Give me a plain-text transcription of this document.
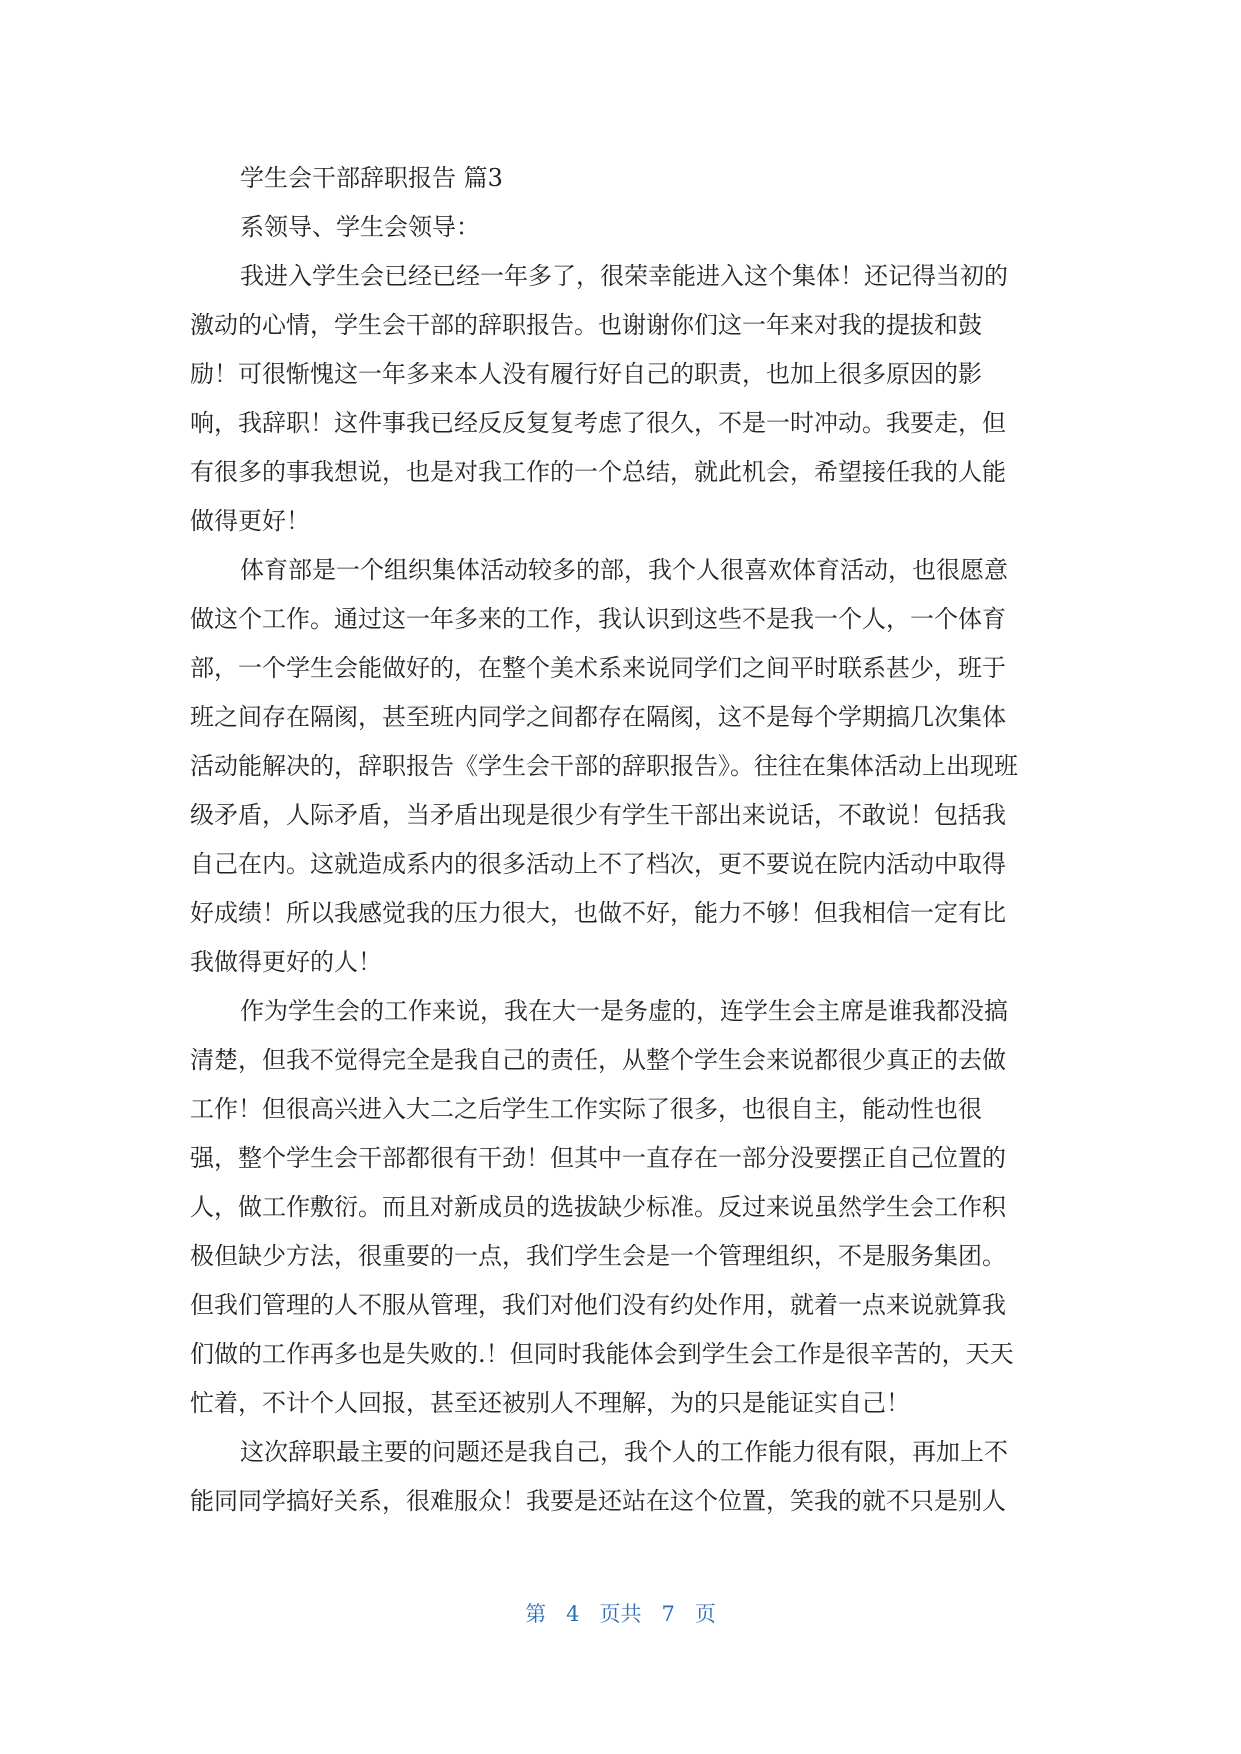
学生会干部辞职报告 篇3

系领导、学生会领导：

我进入学生会已经已经一年多了，很荣幸能进入这个集体！还记得当初的

激动的心情，学生会干部的辞职报告。也谢谢你们这一年来对我的提拔和鼓

励！可很惭愧这一年多来本人没有履行好自己的职责，也加上很多原因的影

响，我辞职！这件事我已经反反复复考虑了很久，不是一时冲动。我要走，但

有很多的事我想说，也是对我工作的一个总结，就此机会，希望接任我的人能

做得更好！

体育部是一个组织集体活动较多的部，我个人很喜欢体育活动，也很愿意

做这个工作。通过这一年多来的工作，我认识到这些不是我一个人，一个体育

部，一个学生会能做好的，在整个美术系来说同学们之间平时联系甚少，班于

班之间存在隔阂，甚至班内同学之间都存在隔阂，这不是每个学期搞几次集体

活动能解决的，辞职报告《学生会干部的辞职报告》。往往在集体活动上出现班

级矛盾，人际矛盾，当矛盾出现是很少有学生干部出来说话，不敢说！包括我

自己在内。这就造成系内的很多活动上不了档次，更不要说在院内活动中取得

好成绩！所以我感觉我的压力很大，也做不好，能力不够！但我相信一定有比

我做得更好的人！

作为学生会的工作来说，我在大一是务虚的，连学生会主席是谁我都没搞

清楚，但我不觉得完全是我自己的责任，从整个学生会来说都很少真正的去做

工作！但很高兴进入大二之后学生工作实际了很多，也很自主，能动性也很

强，整个学生会干部都很有干劲！但其中一直存在一部分没要摆正自己位置的

人，做工作敷衍。而且对新成员的选拔缺少标准。反过来说虽然学生会工作积

极但缺少方法，很重要的一点，我们学生会是一个管理组织，不是服务集团。

但我们管理的人不服从管理，我们对他们没有约处作用，就着一点来说就算我

们做的工作再多也是失败的.！但同时我能体会到学生会工作是很辛苦的，天天

忙着，不计个人回报，甚至还被别人不理解，为的只是能证实自己！

这次辞职最主要的问题还是我自己，我个人的工作能力很有限，再加上不

能同同学搞好关系，很难服众！我要是还站在这个位置，笑我的就不只是别人

第 4 页共 7 页
